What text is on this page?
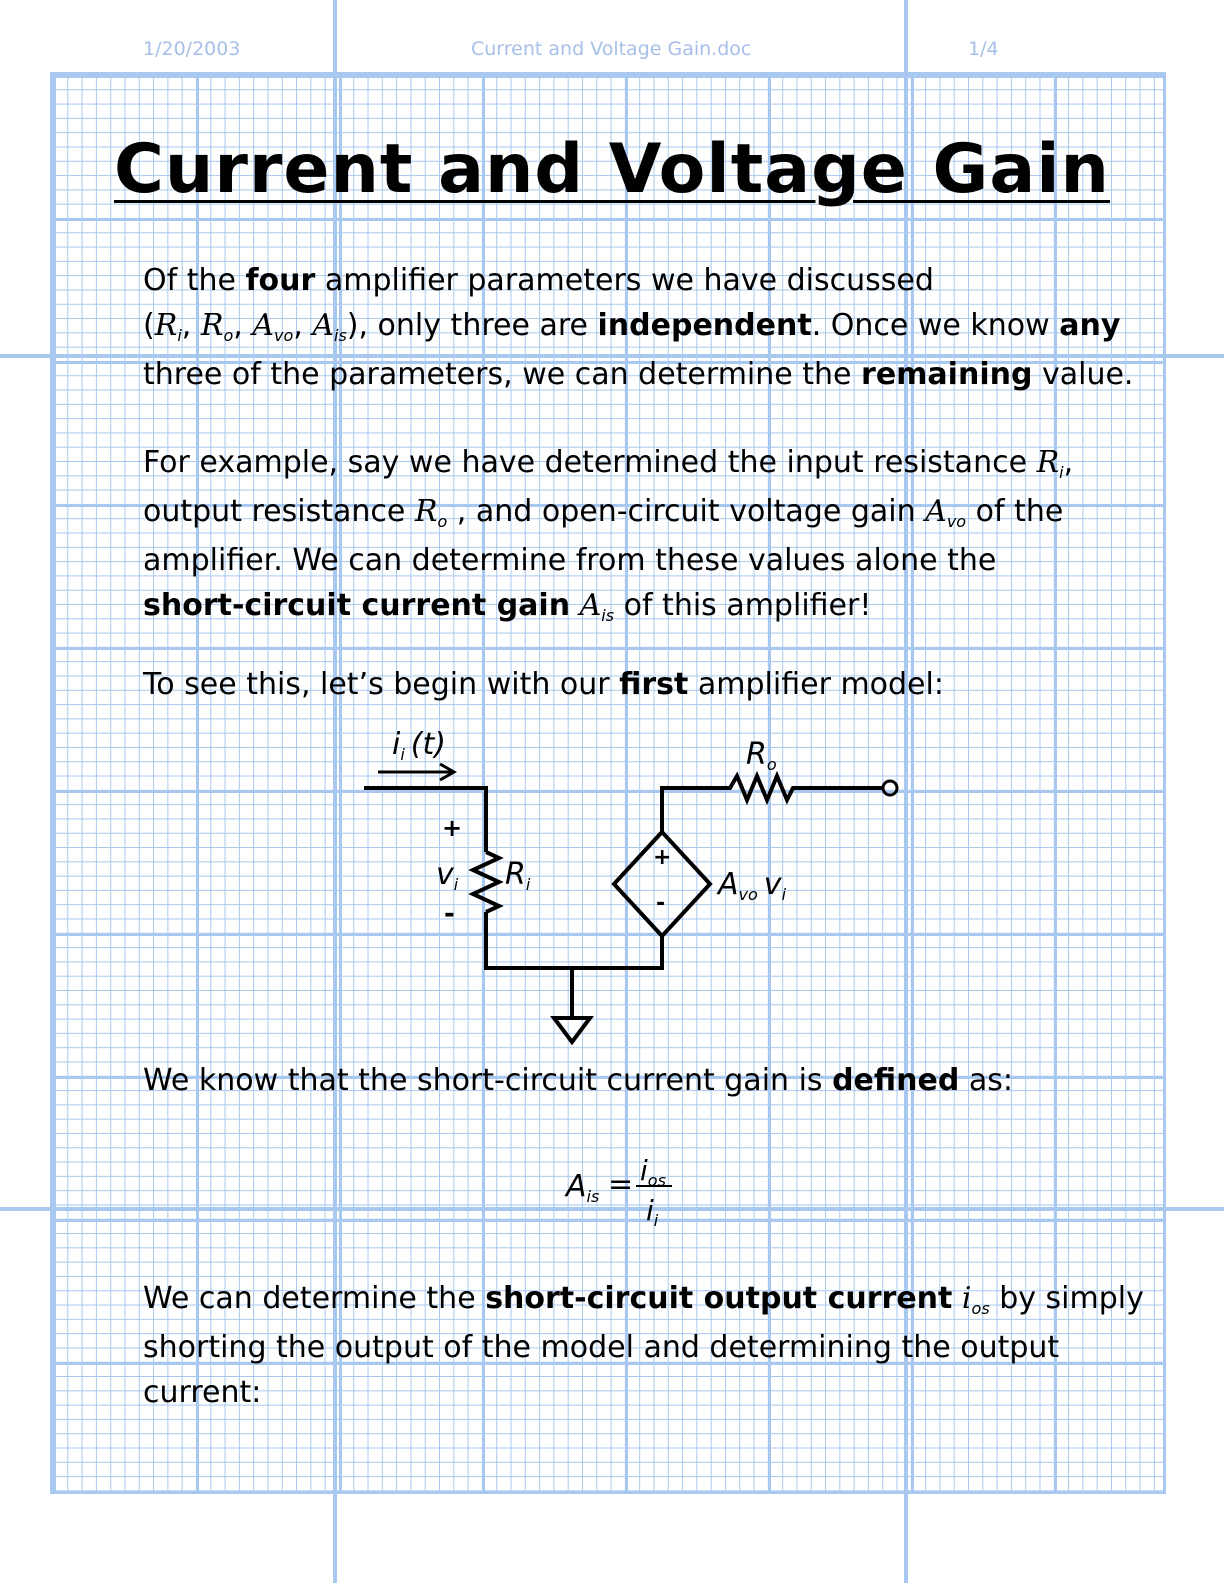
1/20/2003	Current and Voltage Gain.doc	1/4
Current and Voltage Gain
Of the four amplifier parameters we have discussed
($R_i$, $R_o$, $A_{vo}$, $A_{is}$), only three are independent. Once we know any
three of the parameters, we can determine the remaining value.
For example, say we have determined the input resistance $R_i$,
output resistance $R_o$ , and open-circuit voltage gain $A_{vo}$ of the
amplifier. We can determine from these values alone the
short-circuit current gain $A_{is}$ of this amplifier!
To see this, let’s begin with our first amplifier model:
$i_i$ (t)
+
$v_i$
-
$R_i$
$R_o$
+
-
$A_{vo}$ $v_i$
We know that the short-circuit current gain is defined as:
$A_{is} = i_{os}$
$i_i$
We can determine the short-circuit output current $i_{os}$ by simply
shorting the output of the model and determining the output
current:
